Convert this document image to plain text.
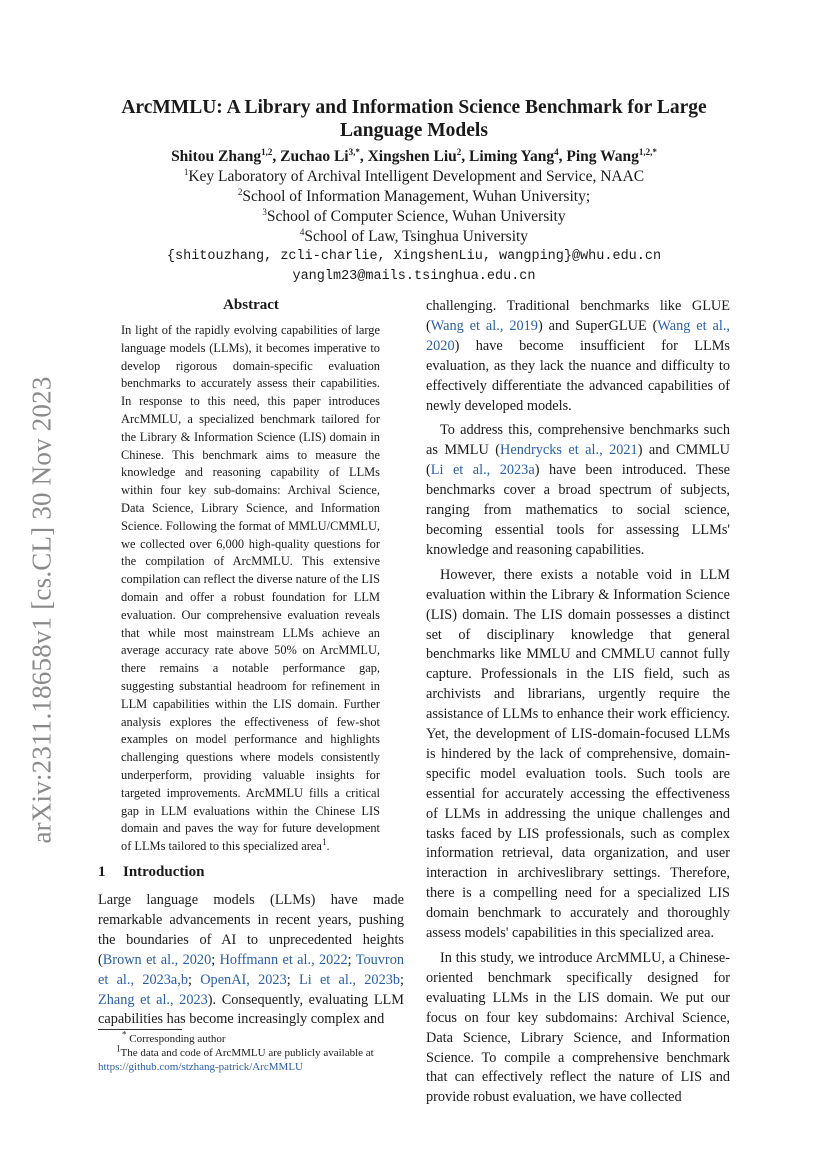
arXiv:2311.18658v1 [cs.CL] 30 Nov 2023
ArcMMLU: A Library and Information Science Benchmark for Large
Language Models
Shitou Zhang$^{1,2}$, Zuchao $Li^{3,*}$, Xingshen Liu$^2$, Liming Yang$^4$, Ping Wang$^{1,2,*}$
$^1$Key Laboratory of Archival Intelligent Development and Service, NAAC
$^2$School of Information Management, Wuhan University;
$^3$School of Computer Science, Wuhan University
$^4$School of Law, Tsinghua University
{shitouzhang, zcli-charlie, XingshenLiu, wangping}@whu.edu.cn
yanglm23@mails.tsinghua.edu.cn
Abstract
In light of the rapidly evolving capabilities of large language models (LLMs), it becomes imperative to develop rigorous domain-specific evaluation benchmarks to accurately assess their capabilities. In response to this need, this paper introduces ArcMMLU, a specialized benchmark tailored for the Library & Information Science (LIS) domain in Chinese. This benchmark aims to measure the knowledge and reasoning capability of LLMs within four key sub-domains: Archival Science, Data Science, Library Science, and Information Science. Following the format of MMLU/CMMLU, we collected over 6,000 high-quality questions for the compilation of ArcMMLU. This extensive compilation can reflect the diverse nature of the LIS domain and offer a robust foundation for LLM evaluation. Our comprehensive evaluation reveals that while most mainstream LLMs achieve an average accuracy rate above 50% on ArcMMLU, there remains a notable performance gap, suggesting substantial headroom for refinement in LLM capabilities within the LIS domain. Further analysis explores the effectiveness of few-shot examples on model performance and highlights challenging questions where models consistently underperform, providing valuable insights for targeted improvements. ArcMMLU fills a critical gap in LLM evaluations within the Chinese LIS domain and paves the way for future development of LLMs tailored to this specialized area$^1$.
1 Introduction
Large language models (LLMs) have made remarkable advancements in recent years, pushing the boundaries of AI to unprecedented heights (Brown et al., 2020; Hoffmann et al., 2022; Touvron et al., 2023a,b; OpenAI, 2023; Li et al., 2023b; Zhang et al., 2023). Consequently, evaluating LLM capabilities has become increasingly complex and
* Corresponding author
$^1$The data and code of ArcMMLU are publicly available at
https://github.com/stzhang-patrick/ArcMMLU

challenging. Traditional benchmarks like GLUE (Wang et al., 2019) and SuperGLUE (Wang et al., 2020) have become insufficient for LLMs evaluation, as they lack the nuance and difficulty to effectively differentiate the advanced capabilities of newly developed models.

To address this, comprehensive benchmarks such as MMLU (Hendrycks et al., 2021) and CMMLU (Li et al., 2023a) have been introduced. These benchmarks cover a broad spectrum of subjects, ranging from mathematics to social science, becoming essential tools for assessing LLMs' knowledge and reasoning capabilities.

However, there exists a notable void in LLM evaluation within the Library & Information Science (LIS) domain. The LIS domain possesses a distinct set of disciplinary knowledge that general benchmarks like MMLU and CMMLU cannot fully capture. Professionals in the LIS field, such as archivists and librarians, urgently require the assistance of LLMs to enhance their work efficiency. Yet, the development of LIS-domain-focused LLMs is hindered by the lack of comprehensive, domain-specific model evaluation tools. Such tools are essential for accurately accessing the effectiveness of LLMs in addressing the unique challenges and tasks faced by LIS professionals, such as complex information retrieval, data organization, and user interaction in archiveslibrary settings. Therefore, there is a compelling need for a specialized LIS domain benchmark to accurately and thoroughly assess models' capabilities in this specialized area.

In this study, we introduce ArcMMLU, a Chinese-oriented benchmark specifically designed for evaluating LLMs in the LIS domain. We put our focus on four key subdomains: Archival Science, Data Science, Library Science, and Information Science. To compile a comprehensive benchmark that can effectively reflect the nature of LIS and provide robust evaluation, we have collected
